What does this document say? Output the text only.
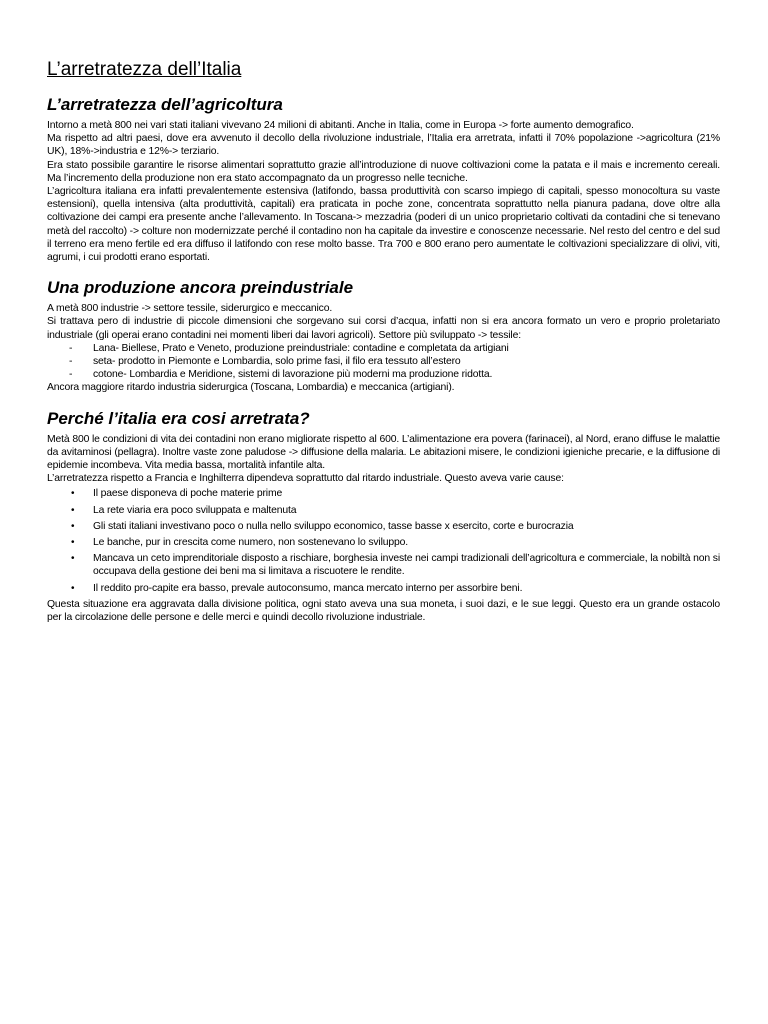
L’arretratezza dell’Italia
L’arretratezza dell’agricoltura

Intorno a metà 800 nei vari stati italiani vivevano 24 milioni di abitanti. Anche in Italia, come in Europa -> forte aumento demografico.

Ma rispetto ad altri paesi, dove era avvenuto il decollo della rivoluzione industriale, l’Italia era arretrata, infatti il 70% popolazione ->agricoltura (21% UK), 18%->industria e 12%-> terziario.

Era stato possibile garantire le risorse alimentari soprattutto grazie all’introduzione di nuove coltivazioni come la patata e il mais e incremento cereali. Ma l’incremento della produzione non era stato accompagnato da un progresso nelle tecniche.

L’agricoltura italiana era infatti prevalentemente estensiva (latifondo, bassa produttività con scarso impiego di capitali, spesso monocoltura su vaste estensioni), quella intensiva (alta produttività, capitali) era praticata in poche zone, concentrata soprattutto nella pianura padana, dove oltre alla coltivazione dei campi era presente anche l’allevamento. In Toscana-> mezzadria (poderi di un unico proprietario coltivati da contadini che si tenevano metà del raccolto) -> colture non modernizzate perché il contadino non ha capitale da investire e conoscenze necessarie. Nel resto del centro e del sud il terreno era meno fertile ed era diffuso il latifondo con rese molto basse. Tra 700 e 800 erano pero aumentate le coltivazioni specializzare di olivi, viti, agrumi, i cui prodotti erano esportati.

Una produzione ancora preindustriale

A metà 800 industrie -> settore tessile, siderurgico e meccanico.

Si trattava pero di industrie di piccole dimensioni che sorgevano sui corsi d’acqua, infatti non si era ancora formato un vero e proprio proletariato industriale (gli operai erano contadini nei momenti liberi dai lavori agricoli). Settore più sviluppato -> tessile:

- Lana- Biellese, Prato e Veneto, produzione preindustriale: contadine e completata da artigiani
- seta- prodotto in Piemonte e Lombardia, solo prime fasi, il filo era tessuto all’estero
- cotone- Lombardia e Meridione, sistemi di lavorazione più moderni ma produzione ridotta.

Ancora maggiore ritardo industria siderurgica (Toscana, Lombardia) e meccanica (artigiani).

Perché l’italia era cosi arretrata?

Metà 800 le condizioni di vita dei contadini non erano migliorate rispetto al 600. L’alimentazione era povera (farinacei), al Nord, erano diffuse le malattie da avitaminosi (pellagra). Inoltre vaste zone paludose -> diffusione della malaria. Le abitazioni misere, le condizioni igieniche precarie, e la diffusione di epidemie incombeva. Vita media bassa, mortalità infantile alta.

L’arretratezza rispetto a Francia e Inghilterra dipendeva soprattutto dal ritardo industriale. Questo aveva varie cause:

• Il paese disponeva di poche materie prime
• La rete viaria era poco sviluppata e maltenuta
• Gli stati italiani investivano poco o nulla nello sviluppo economico, tasse basse x esercito, corte e burocrazia
• Le banche, pur in crescita come numero, non sostenevano lo sviluppo.
• Mancava un ceto imprenditoriale disposto a rischiare, borghesia investe nei campi tradizionali dell’agricoltura e commerciale, la nobiltà non si occupava della gestione dei beni ma si limitava a riscuotere le rendite.
• Il reddito pro-capite era basso, prevale autoconsumo, manca mercato interno per assorbire beni.

Questa situazione era aggravata dalla divisione politica, ogni stato aveva una sua moneta, i suoi dazi, e le sue leggi. Questo era un grande ostacolo per la circolazione delle persone e delle merci e quindi decollo rivoluzione industriale.
